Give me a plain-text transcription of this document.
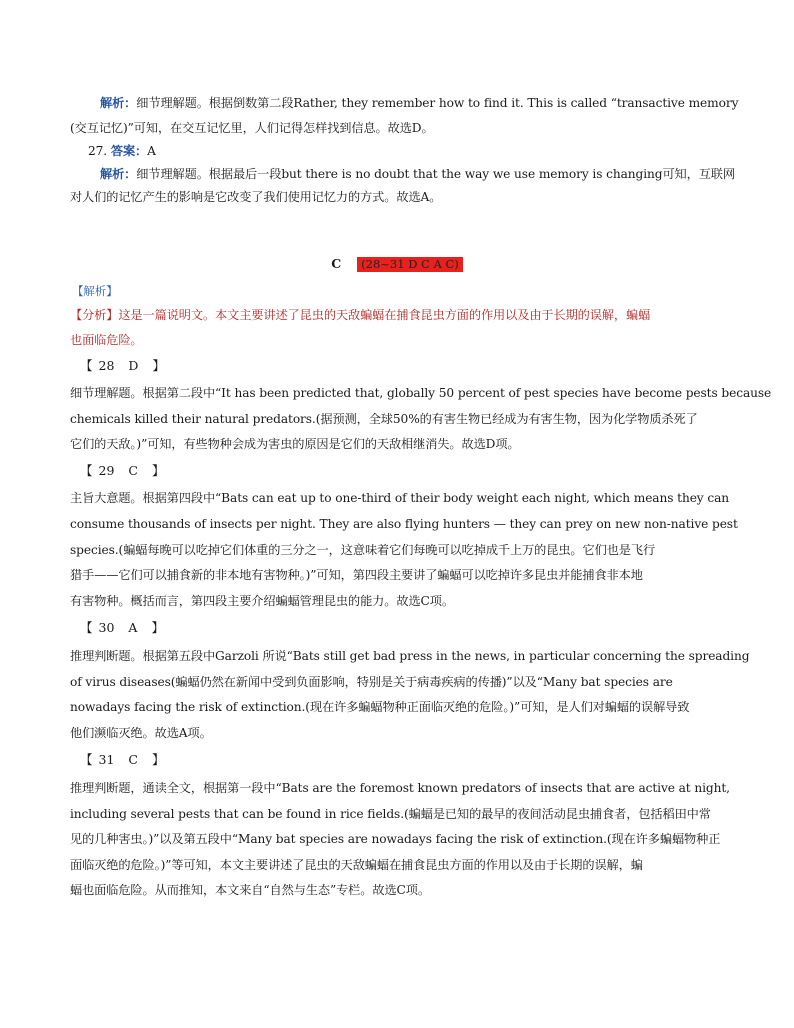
解析：细节理解题。根据倒数第二段Rather, they remember how to find it. This is called “transactive memory
(交互记忆)”可知，在交互记忆里，人们记得怎样找到信息。故选D。
27. 答案：A
解析：细节理解题。根据最后一段but there is no doubt that the way we use memory is changing可知，互联网
对人们的记忆产生的影响是它改变了我们使用记忆力的方式。故选A。
C (28~31 D C A C)
【解析】
【分析】这是一篇说明文。本文主要讲述了昆虫的天敌蝙蝠在捕食昆虫方面的作用以及由于长期的误解，蝙蝠
也面临危险。
【 28 D 】
细节理解题。根据第二段中“It has been predicted that, globally 50 percent of pest species have become pests because
chemicals killed their natural predators.(据预测，全球50%的有害生物已经成为有害生物，因为化学物质杀死了
它们的天敌。)”可知，有些物种会成为害虫的原因是它们的天敌相继消失。故选D项。
【 29 C 】
主旨大意题。根据第四段中“Bats can eat up to one-third of their body weight each night, which means they can
consume thousands of insects per night. They are also flying hunters — they can prey on new non-native pest
species.(蝙蝠每晚可以吃掉它们体重的三分之一，这意味着它们每晚可以吃掉成千上万的昆虫。它们也是飞行
猎手——它们可以捕食新的非本地有害物种。)”可知，第四段主要讲了蝙蝠可以吃掉许多昆虫并能捕食非本地
有害物种。概括而言，第四段主要介绍蝙蝠管理昆虫的能力。故选C项。
【 30 A 】
推理判断题。根据第五段中Garzoli 所说“Bats still get bad press in the news, in particular concerning the spreading
of virus diseases(蝙蝠仍然在新闻中受到负面影响，特别是关于病毒疾病的传播)”以及“Many bat species are
nowadays facing the risk of extinction.(现在许多蝙蝠物种正面临灭绝的危险。)”可知，是人们对蝙蝠的误解导致
他们濒临灭绝。故选A项。
【 31 C 】
推理判断题，通读全文，根据第一段中“Bats are the foremost known predators of insects that are active at night,
including several pests that can be found in rice fields.(蝙蝠是已知的最早的夜间活动昆虫捕食者，包括稻田中常
见的几种害虫。)”以及第五段中“Many bat species are nowadays facing the risk of extinction.(现在许多蝙蝠物种正
面临灭绝的危险。)”等可知，本文主要讲述了昆虫的天敌蝙蝠在捕食昆虫方面的作用以及由于长期的误解，蝙
蝠也面临危险。从而推知，本文来自“自然与生态”专栏。故选C项。
